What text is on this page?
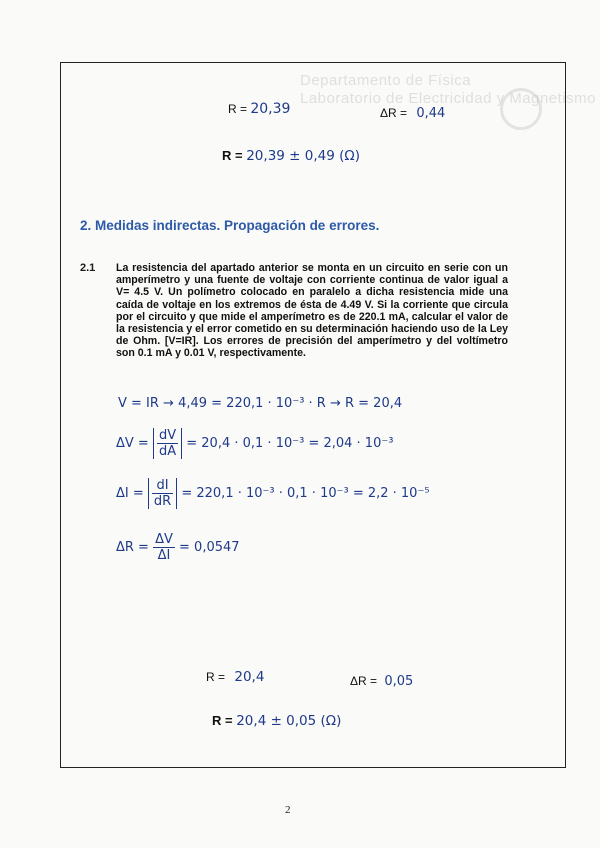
Departamento de Física
Laboratorio de Electricidad y Magnetismo
R = 20,39	ΔR = 0,44
R = 20,39 ± 0,49 (Ω)
2. Medidas indirectas. Propagación de errores.
2.1 La resistencia del apartado anterior se monta en un circuito en serie con un amperímetro y una fuente de voltaje con corriente continua de valor igual a V= 4.5 V. Un polímetro colocado en paralelo a dicha resistencia mide una caída de voltaje en los extremos de ésta de 4.49 V. Si la corriente que circula por el circuito y que mide el amperímetro es de 220.1 mA, calcular el valor de la resistencia y el error cometido en su determinación haciendo uso de la Ley de Ohm. [V=IR]. Los errores de precisión del amperímetro y del voltímetro son 0.1 mA y 0.01 V, respectivamente.
V = IR → 4,49 = 220,1 · 10⁻³ · R → R = 20,4
$\Delta V = \frac{dV}{dA} = 20,4 \cdot 0,1 \cdot 10^{-3} = 2,04 \cdot 10^{-3}$
$\Delta I = \frac{dI}{dR} = 220,1 \cdot 10^{-3} \cdot 0,1 \cdot 10^{-3} = 2,2 \cdot 10^{-5}$
$\Delta R = \frac{\Delta V}{\Delta I} = 0,0547$
R = 20,4	ΔR = 0,05
R = 20,4 ± 0,05 (Ω)
2
